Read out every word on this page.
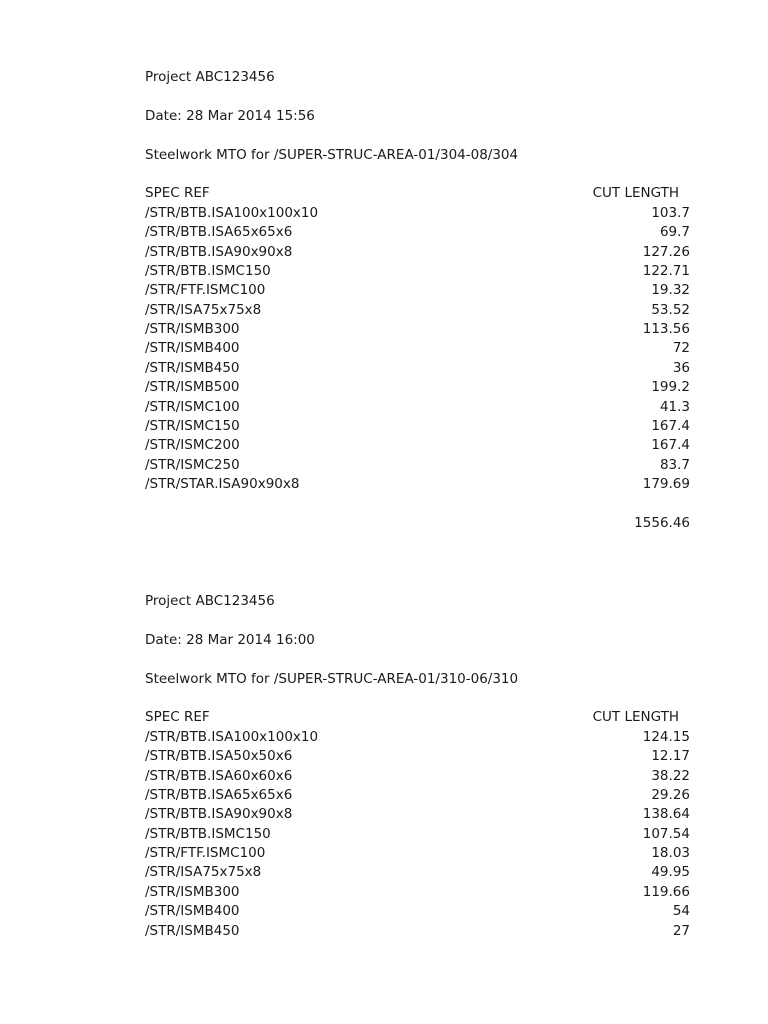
Project ABC123456
Date: 28 Mar 2014 15:56
Steelwork MTO for /SUPER-STRUC-AREA-01/304-08/304
SPEC REF	CUT LENGTH
/STR/BTB.ISA100x100x10	103.7
/STR/BTB.ISA65x65x6	69.7
/STR/BTB.ISA90x90x8	127.26
/STR/BTB.ISMC150	122.71
/STR/FTF.ISMC100	19.32
/STR/ISA75x75x8	53.52
/STR/ISMB300	113.56
/STR/ISMB400	72
/STR/ISMB450	36
/STR/ISMB500	199.2
/STR/ISMC100	41.3
/STR/ISMC150	167.4
/STR/ISMC200	167.4
/STR/ISMC250	83.7
/STR/STAR.ISA90x90x8	179.69
1556.46
Project ABC123456
Date: 28 Mar 2014 16:00
Steelwork MTO for /SUPER-STRUC-AREA-01/310-06/310
SPEC REF	CUT LENGTH
/STR/BTB.ISA100x100x10	124.15
/STR/BTB.ISA50x50x6	12.17
/STR/BTB.ISA60x60x6	38.22
/STR/BTB.ISA65x65x6	29.26
/STR/BTB.ISA90x90x8	138.64
/STR/BTB.ISMC150	107.54
/STR/FTF.ISMC100	18.03
/STR/ISA75x75x8	49.95
/STR/ISMB300	119.66
/STR/ISMB400	54
/STR/ISMB450	27
